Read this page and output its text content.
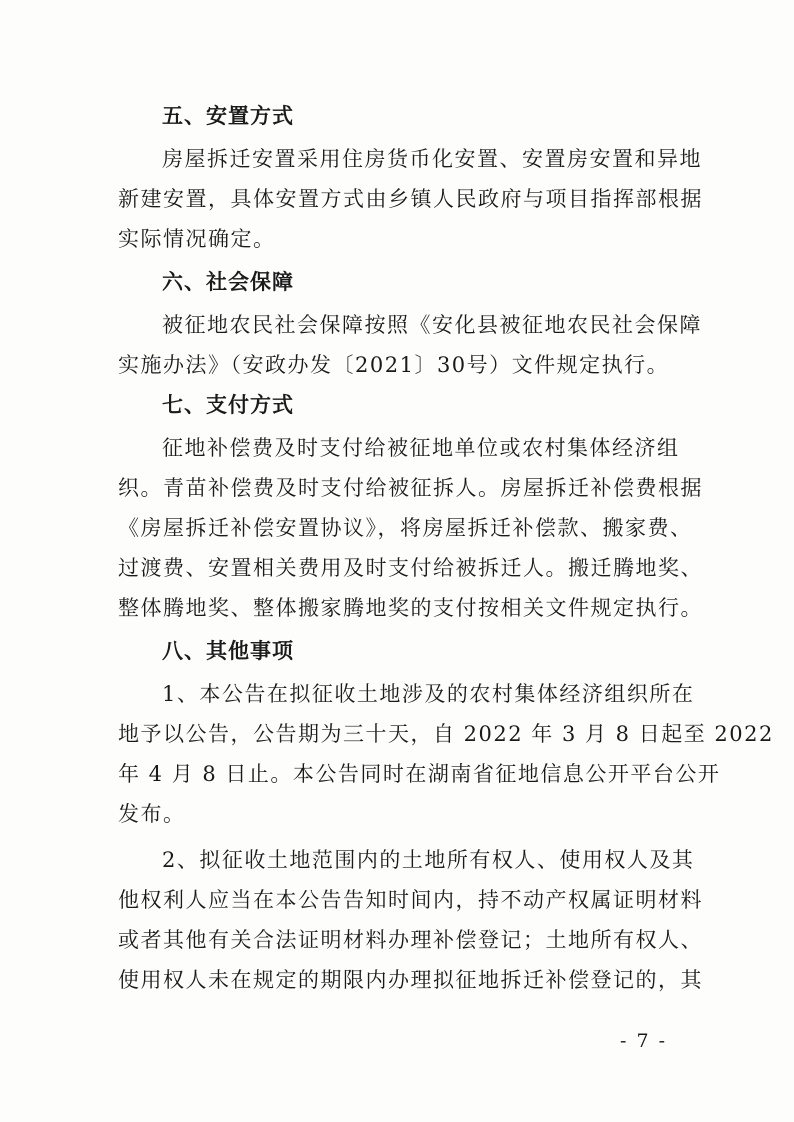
五、安置方式

房屋拆迁安置采用住房货币化安置、安置房安置和异地
新建安置，具体安置方式由乡镇人民政府与项目指挥部根据
实际情况确定。

六、社会保障

被征地农民社会保障按照《安化县被征地农民社会保障
实施办法》（安政办发〔2021〕30号）文件规定执行。

七、支付方式

征地补偿费及时支付给被征地单位或农村集体经济组
织。青苗补偿费及时支付给被征拆人。房屋拆迁补偿费根据
《房屋拆迁补偿安置协议》，将房屋拆迁补偿款、搬家费、
过渡费、安置相关费用及时支付给被拆迁人。搬迁腾地奖、
整体腾地奖、整体搬家腾地奖的支付按相关文件规定执行。

八、其他事项

1、本公告在拟征收土地涉及的农村集体经济组织所在
地予以公告，公告期为三十天，自 2022 年 3 月 8 日起至 2022
年 4 月 8 日止。本公告同时在湖南省征地信息公开平台公开
发布。

2、拟征收土地范围内的土地所有权人、使用权人及其
他权利人应当在本公告告知时间内，持不动产权属证明材料
或者其他有关合法证明材料办理补偿登记；土地所有权人、
使用权人未在规定的期限内办理拟征地拆迁补偿登记的，其

- 7 -
